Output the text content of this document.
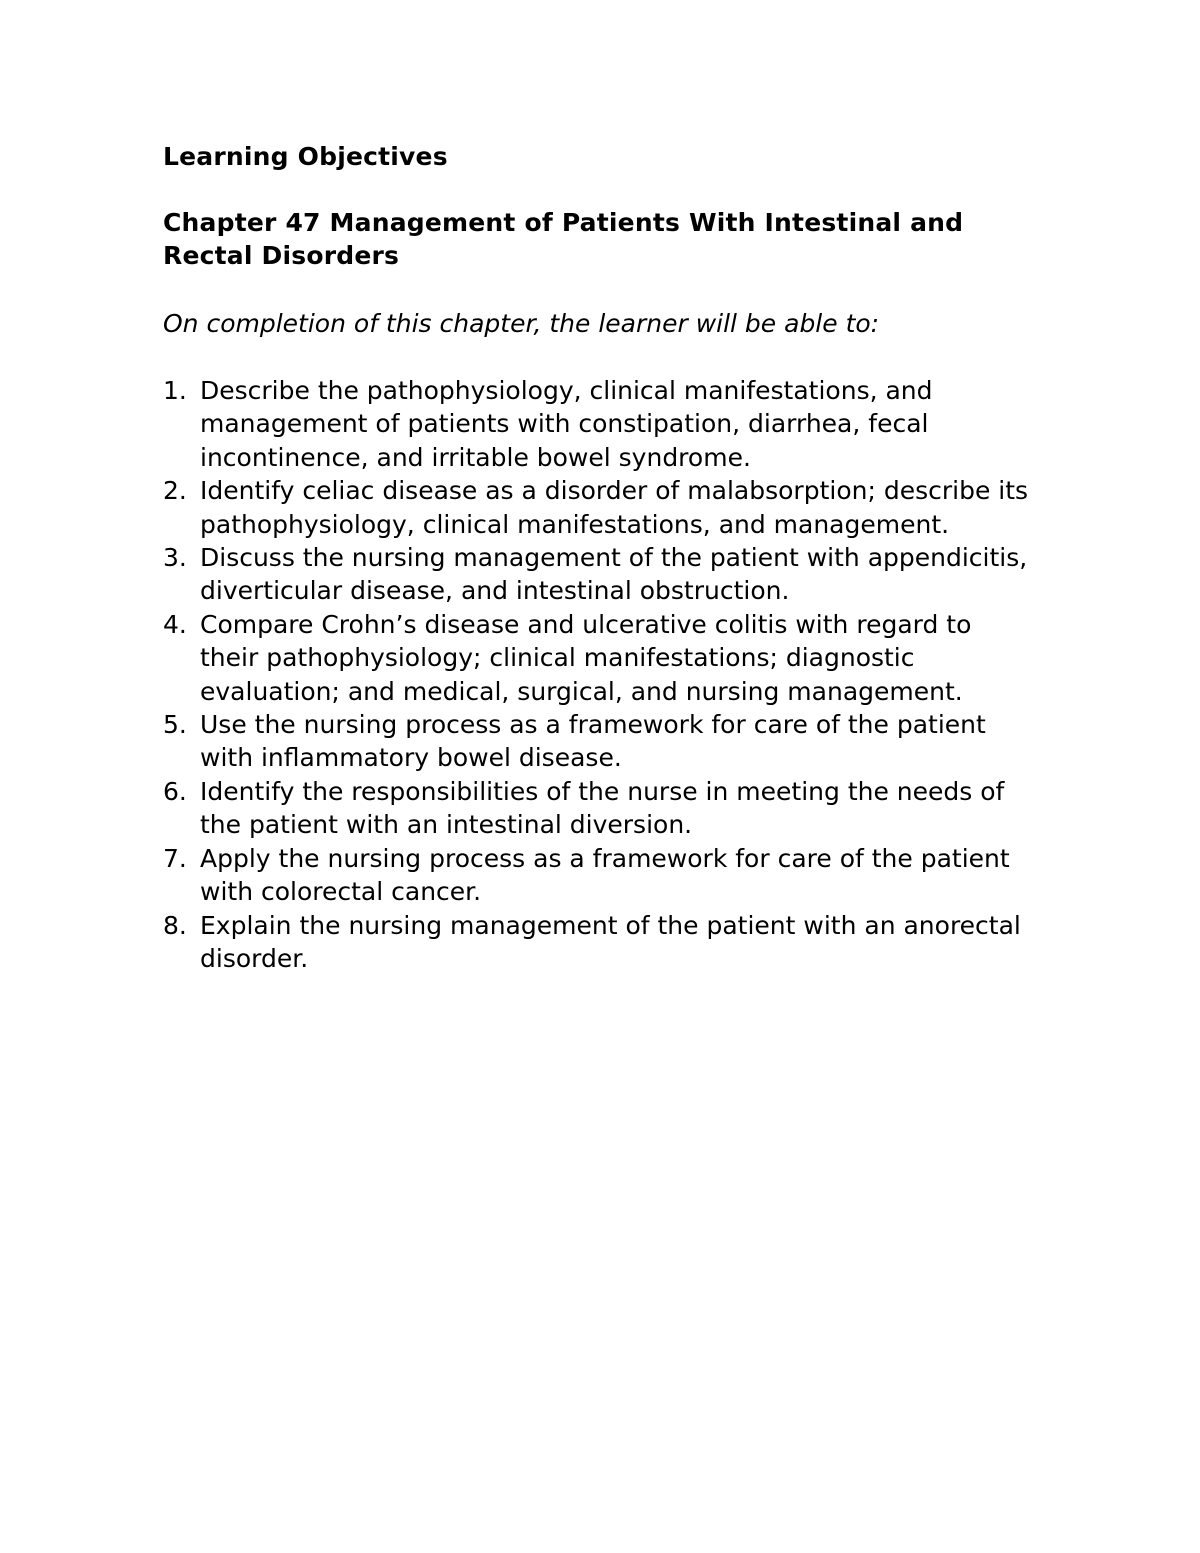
Learning Objectives
Chapter 47 Management of Patients With Intestinal and Rectal Disorders

On completion of this chapter, the learner will be able to:

1. Describe the pathophysiology, clinical manifestations, and management of patients with constipation, diarrhea, fecal incontinence, and irritable bowel syndrome.
2. Identify celiac disease as a disorder of malabsorption; describe its pathophysiology, clinical manifestations, and management.
3. Discuss the nursing management of the patient with appendicitis, diverticular disease, and intestinal obstruction.
4. Compare Crohn’s disease and ulcerative colitis with regard to their pathophysiology; clinical manifestations; diagnostic evaluation; and medical, surgical, and nursing management.
5. Use the nursing process as a framework for care of the patient with inflammatory bowel disease.
6. Identify the responsibilities of the nurse in meeting the needs of the patient with an intestinal diversion.
7. Apply the nursing process as a framework for care of the patient with colorectal cancer.
8. Explain the nursing management of the patient with an anorectal disorder.
